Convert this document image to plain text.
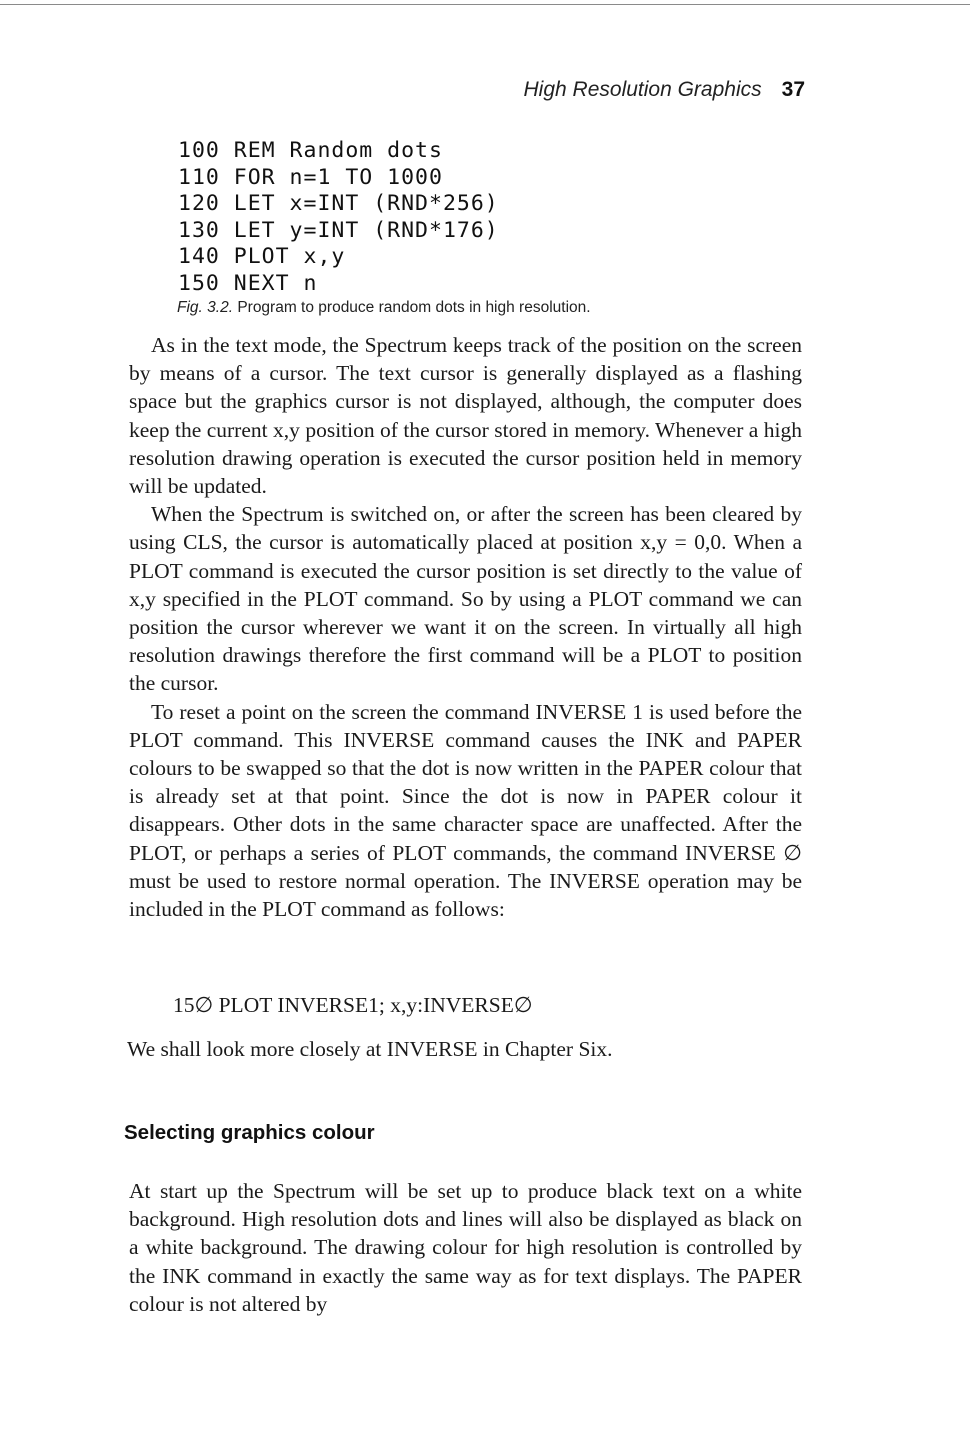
High Resolution Graphics 37
100 REM Random dots
110 FOR n=1 TO 1000
120 LET x=INT (RND*256)
130 LET y=INT (RND*176)
140 PLOT x,y
150 NEXT n
Fig. 3.2. Program to produce random dots in high resolution.

As in the text mode, the Spectrum keeps track of the position on the screen by means of a cursor. The text cursor is generally displayed as a flashing space but the graphics cursor is not displayed, although, the computer does keep the current x,y position of the cursor stored in memory. Whenever a high resolution drawing operation is executed the cursor position held in memory will be updated.

When the Spectrum is switched on, or after the screen has been cleared by using CLS, the cursor is automatically placed at position x,y = 0,0. When a PLOT command is executed the cursor position is set directly to the value of x,y specified in the PLOT command. So by using a PLOT command we can position the cursor wherever we want it on the screen. In virtually all high resolution drawings therefore the first command will be a PLOT to position the cursor.

To reset a point on the screen the command INVERSE 1 is used before the PLOT command. This INVERSE command causes the INK and PAPER colours to be swapped so that the dot is now written in the PAPER colour that is already set at that point. Since the dot is now in PAPER colour it disappears. Other dots in the same character space are unaffected. After the PLOT, or perhaps a series of PLOT commands, the command INVERSE ∅ must be used to restore normal operation. The INVERSE operation may be included in the PLOT command as follows:

15∅ PLOT INVERSE1; x,y:INVERSE∅
We shall look more closely at INVERSE in Chapter Six.
Selecting graphics colour

At start up the Spectrum will be set up to produce black text on a white background. High resolution dots and lines will also be displayed as black on a white background. The drawing colour for high resolution is controlled by the INK command in exactly the same way as for text displays. The PAPER colour is not altered by
